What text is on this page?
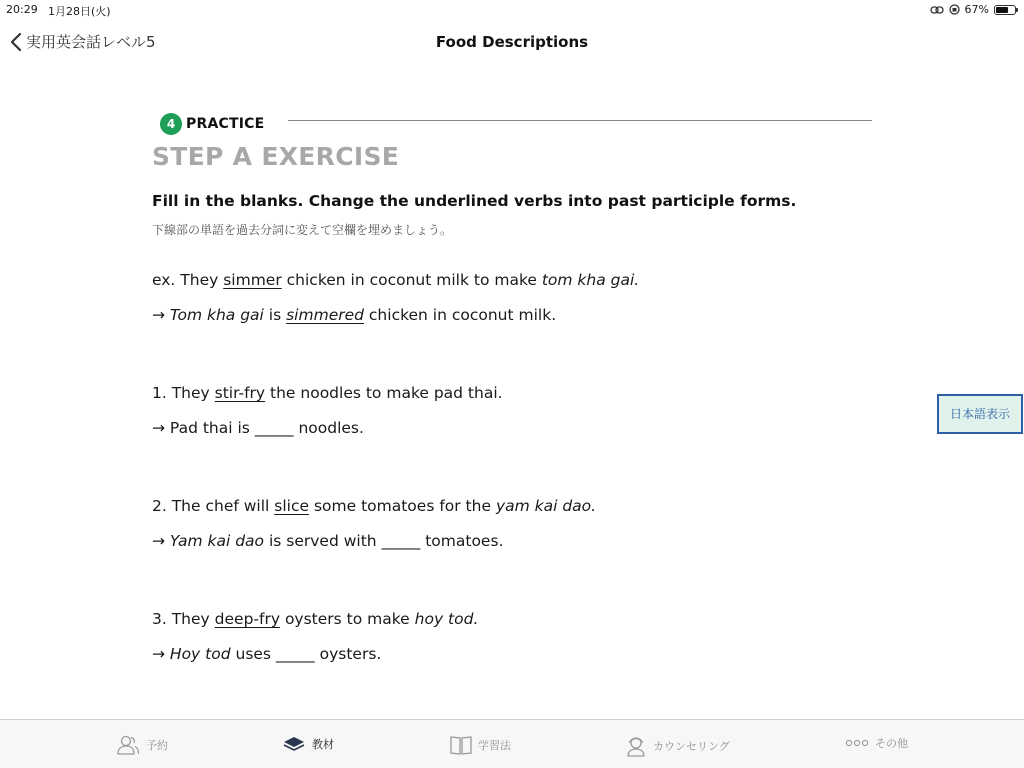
20:29 1月28日(火)	67%
実用英会話レベル5	Food Descriptions
4 PRACTICE
STEP A EXERCISE
Fill in the blanks. Change the underlined verbs into past participle forms.
下線部の単語を過去分詞に変えて空欄を埋めましょう。
ex. They simmer chicken in coconut milk to make tom kha gai.
→ Tom kha gai is simmered chicken in coconut milk.
1. They stir-fry the noodles to make pad thai.
→ Pad thai is _____ noodles.
2. The chef will slice some tomatoes for the yam kai dao.
→ Yam kai dao is served with _____ tomatoes.
3. They deep-fry oysters to make hoy tod.
→ Hoy tod uses _____ oysters.
日本語表示
予約	教材	学習法	カウンセリング	その他
